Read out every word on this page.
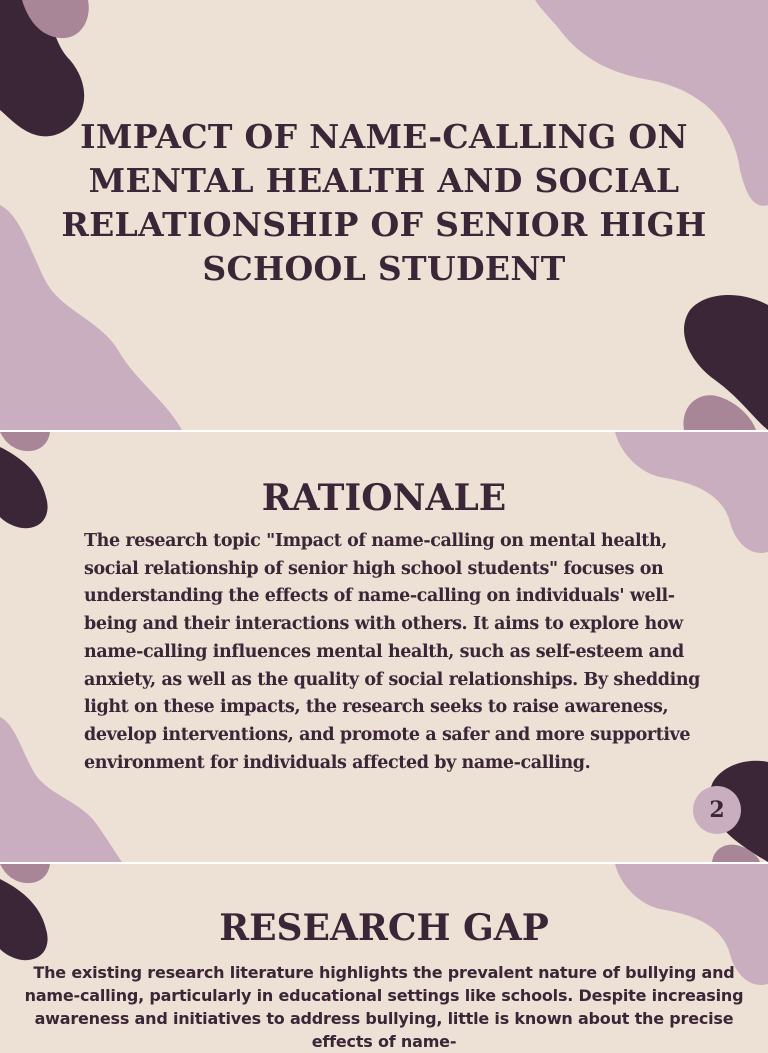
IMPACT OF NAME-CALLING ON MENTAL HEALTH AND SOCIAL RELATIONSHIP OF SENIOR HIGH SCHOOL STUDENT
RATIONALE
The research topic "Impact of name-calling on mental health, social relationship of senior high school students" focuses on understanding the effects of name-calling on individuals' well-being and their interactions with others. It aims to explore how name-calling influences mental health, such as self-esteem and anxiety, as well as the quality of social relationships. By shedding light on these impacts, the research seeks to raise awareness, develop interventions, and promote a safer and more supportive environment for individuals affected by name-calling.
2
RESEARCH GAP
The existing research literature highlights the prevalent nature of bullying and name-calling, particularly in educational settings like schools. Despite increasing awareness and initiatives to address bullying, little is known about the precise effects of name-
